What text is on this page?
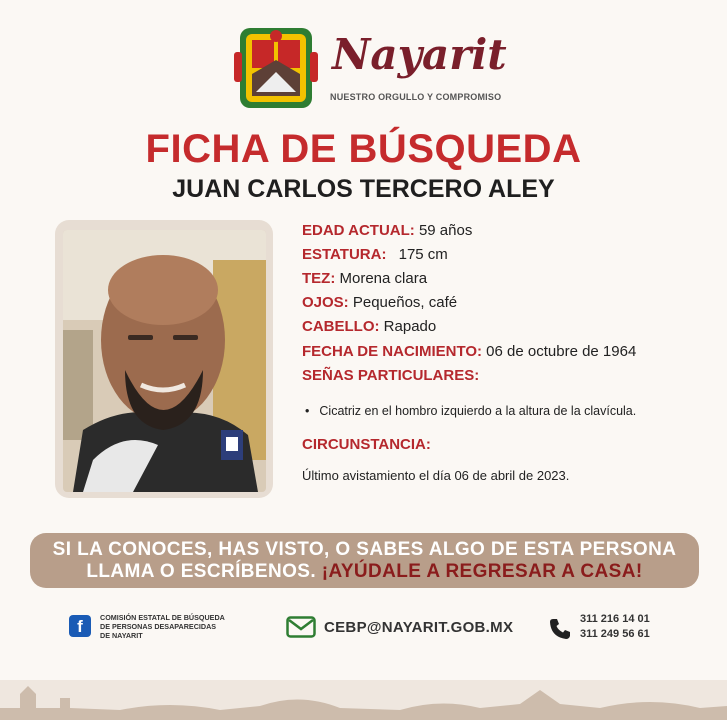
Nayarit
NUESTRO ORGULLO Y COMPROMISO
FICHA DE BÚSQUEDA
JUAN CARLOS TERCERO ALEY
EDAD ACTUAL: 59 años
ESTATURA: 175 cm
TEZ: Morena clara
OJOS: Pequeños, café
CABELLO: Rapado
FECHA DE NACIMIENTO: 06 de octubre de 1964
SEÑAS PARTICULARES:
• Cicatriz en el hombro izquierdo a la altura de la clavícula.
CIRCUNSTANCIA:
Último avistamiento el día 06 de abril de 2023.
SI LA CONOCES, HAS VISTO, O SABES ALGO DE ESTA PERSONA
LLAMA O ESCRÍBENOS. ¡AYÚDALE A REGRESAR A CASA!
f	COMISIÓN ESTATAL DE BÚSQUEDA
DE PERSONAS DESAPARECIDAS
DE NAYARIT	CEBP@NAYARIT.GOB.MX	311 216 14 01
311 249 56 61
